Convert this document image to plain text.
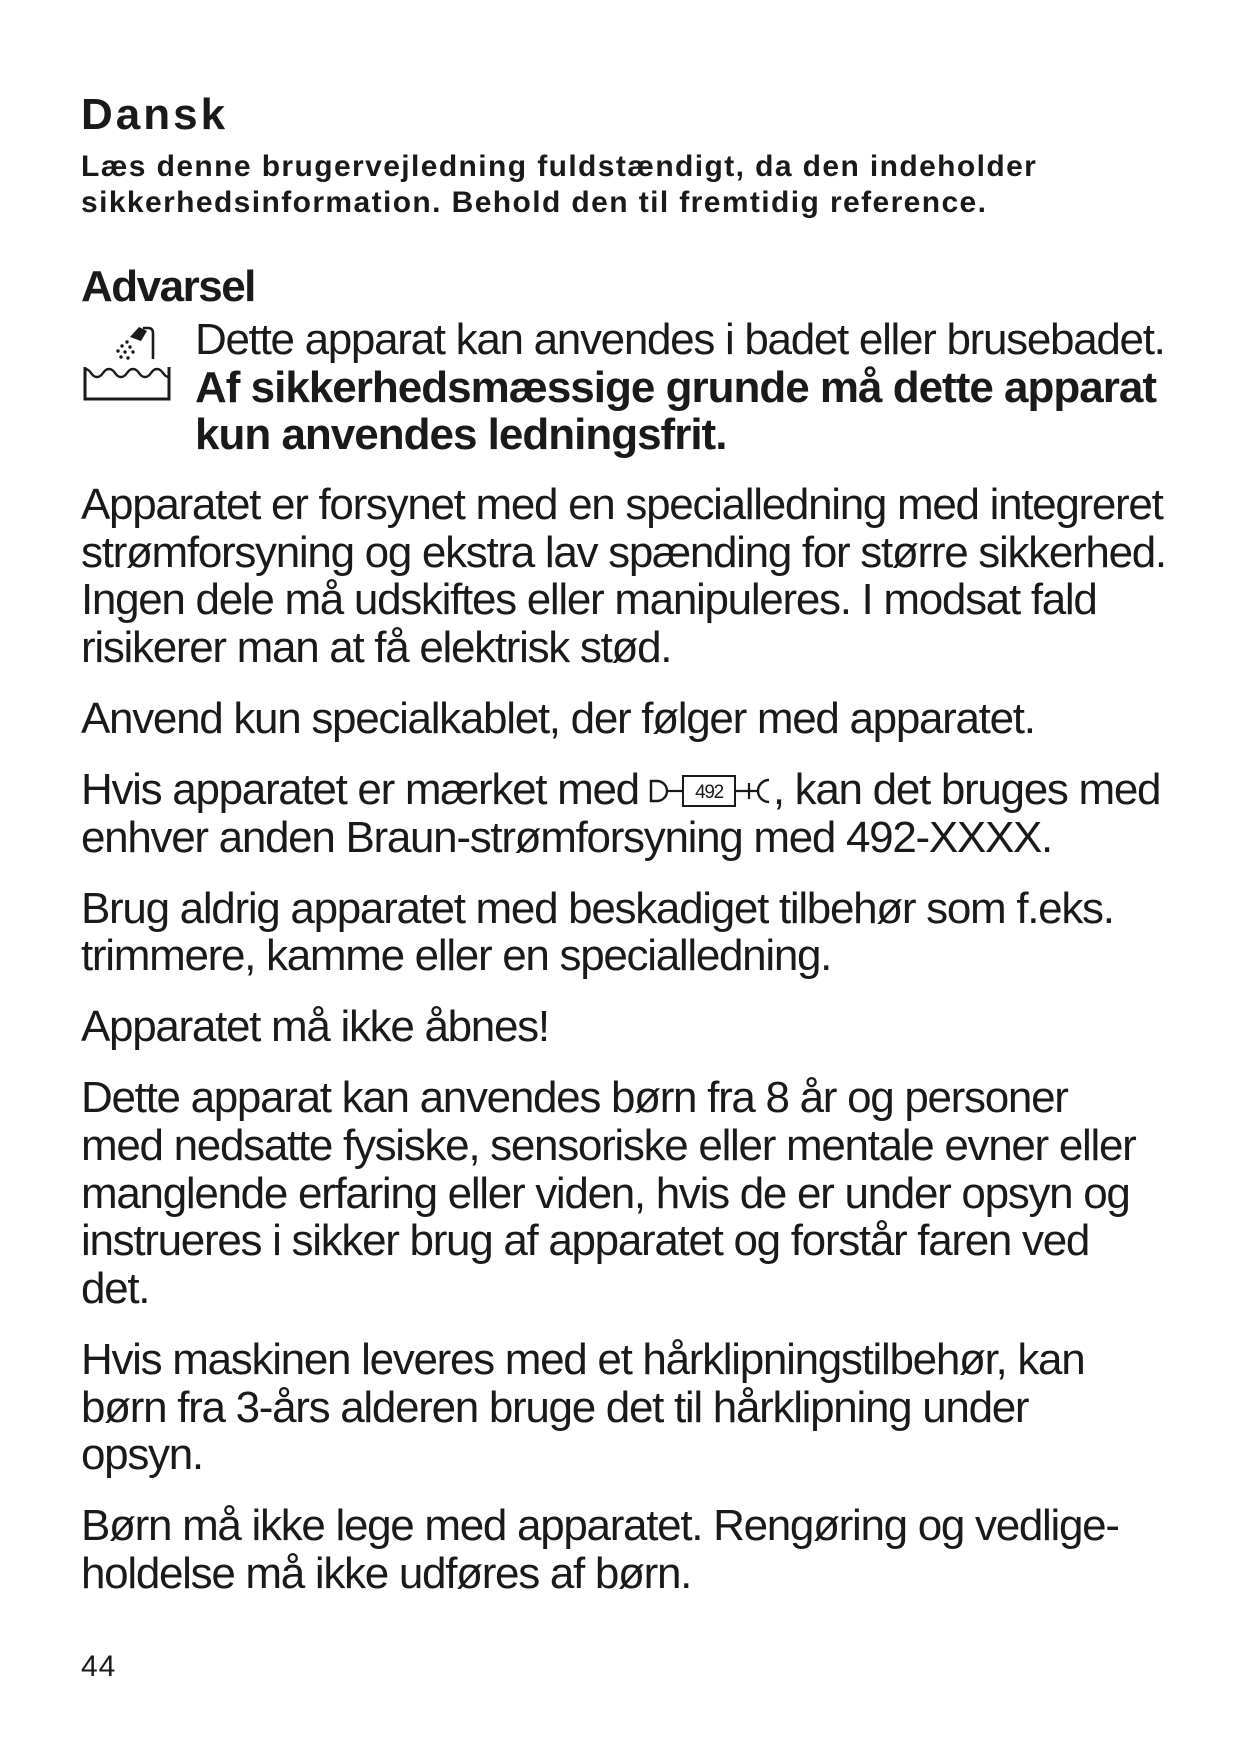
Dansk
Læs denne brugervejledning fuldstændigt, da den indeholder
sikkerhedsinformation. Behold den til fremtidig reference.
Advarsel
Dette apparat kan anvendes i badet eller brusebadet.
Af sikkerhedsmæssige grunde må dette apparat
kun anvendes ledningsfrit.
Apparatet er forsynet med en specialledning med integreret
strømforsyning og ekstra lav spænding for større sikkerhed.
Ingen dele må udskiftes eller manipuleres. I modsat fald
risikerer man at få elektrisk stød.
Anvend kun specialkablet, der følger med apparatet.
Hvis apparatet er mærket med	492 , kan det bruges med
enhver anden Braun-strømforsyning med 492-XXXX.
Brug aldrig apparatet med beskadiget tilbehør som f.eks.
trimmere, kamme eller en specialledning.
Apparatet må ikke åbnes!
Dette apparat kan anvendes børn fra 8 år og personer
med nedsatte fysiske, sensoriske eller mentale evner eller
manglende erfaring eller viden, hvis de er under opsyn og
instrueres i sikker brug af apparatet og forstår faren ved
det.
Hvis maskinen leveres med et hårklipningstilbehør, kan
børn fra 3-års alderen bruge det til hårklipning under
opsyn.
Børn må ikke lege med apparatet. Rengøring og vedlige-
holdelse må ikke udføres af børn.
44
